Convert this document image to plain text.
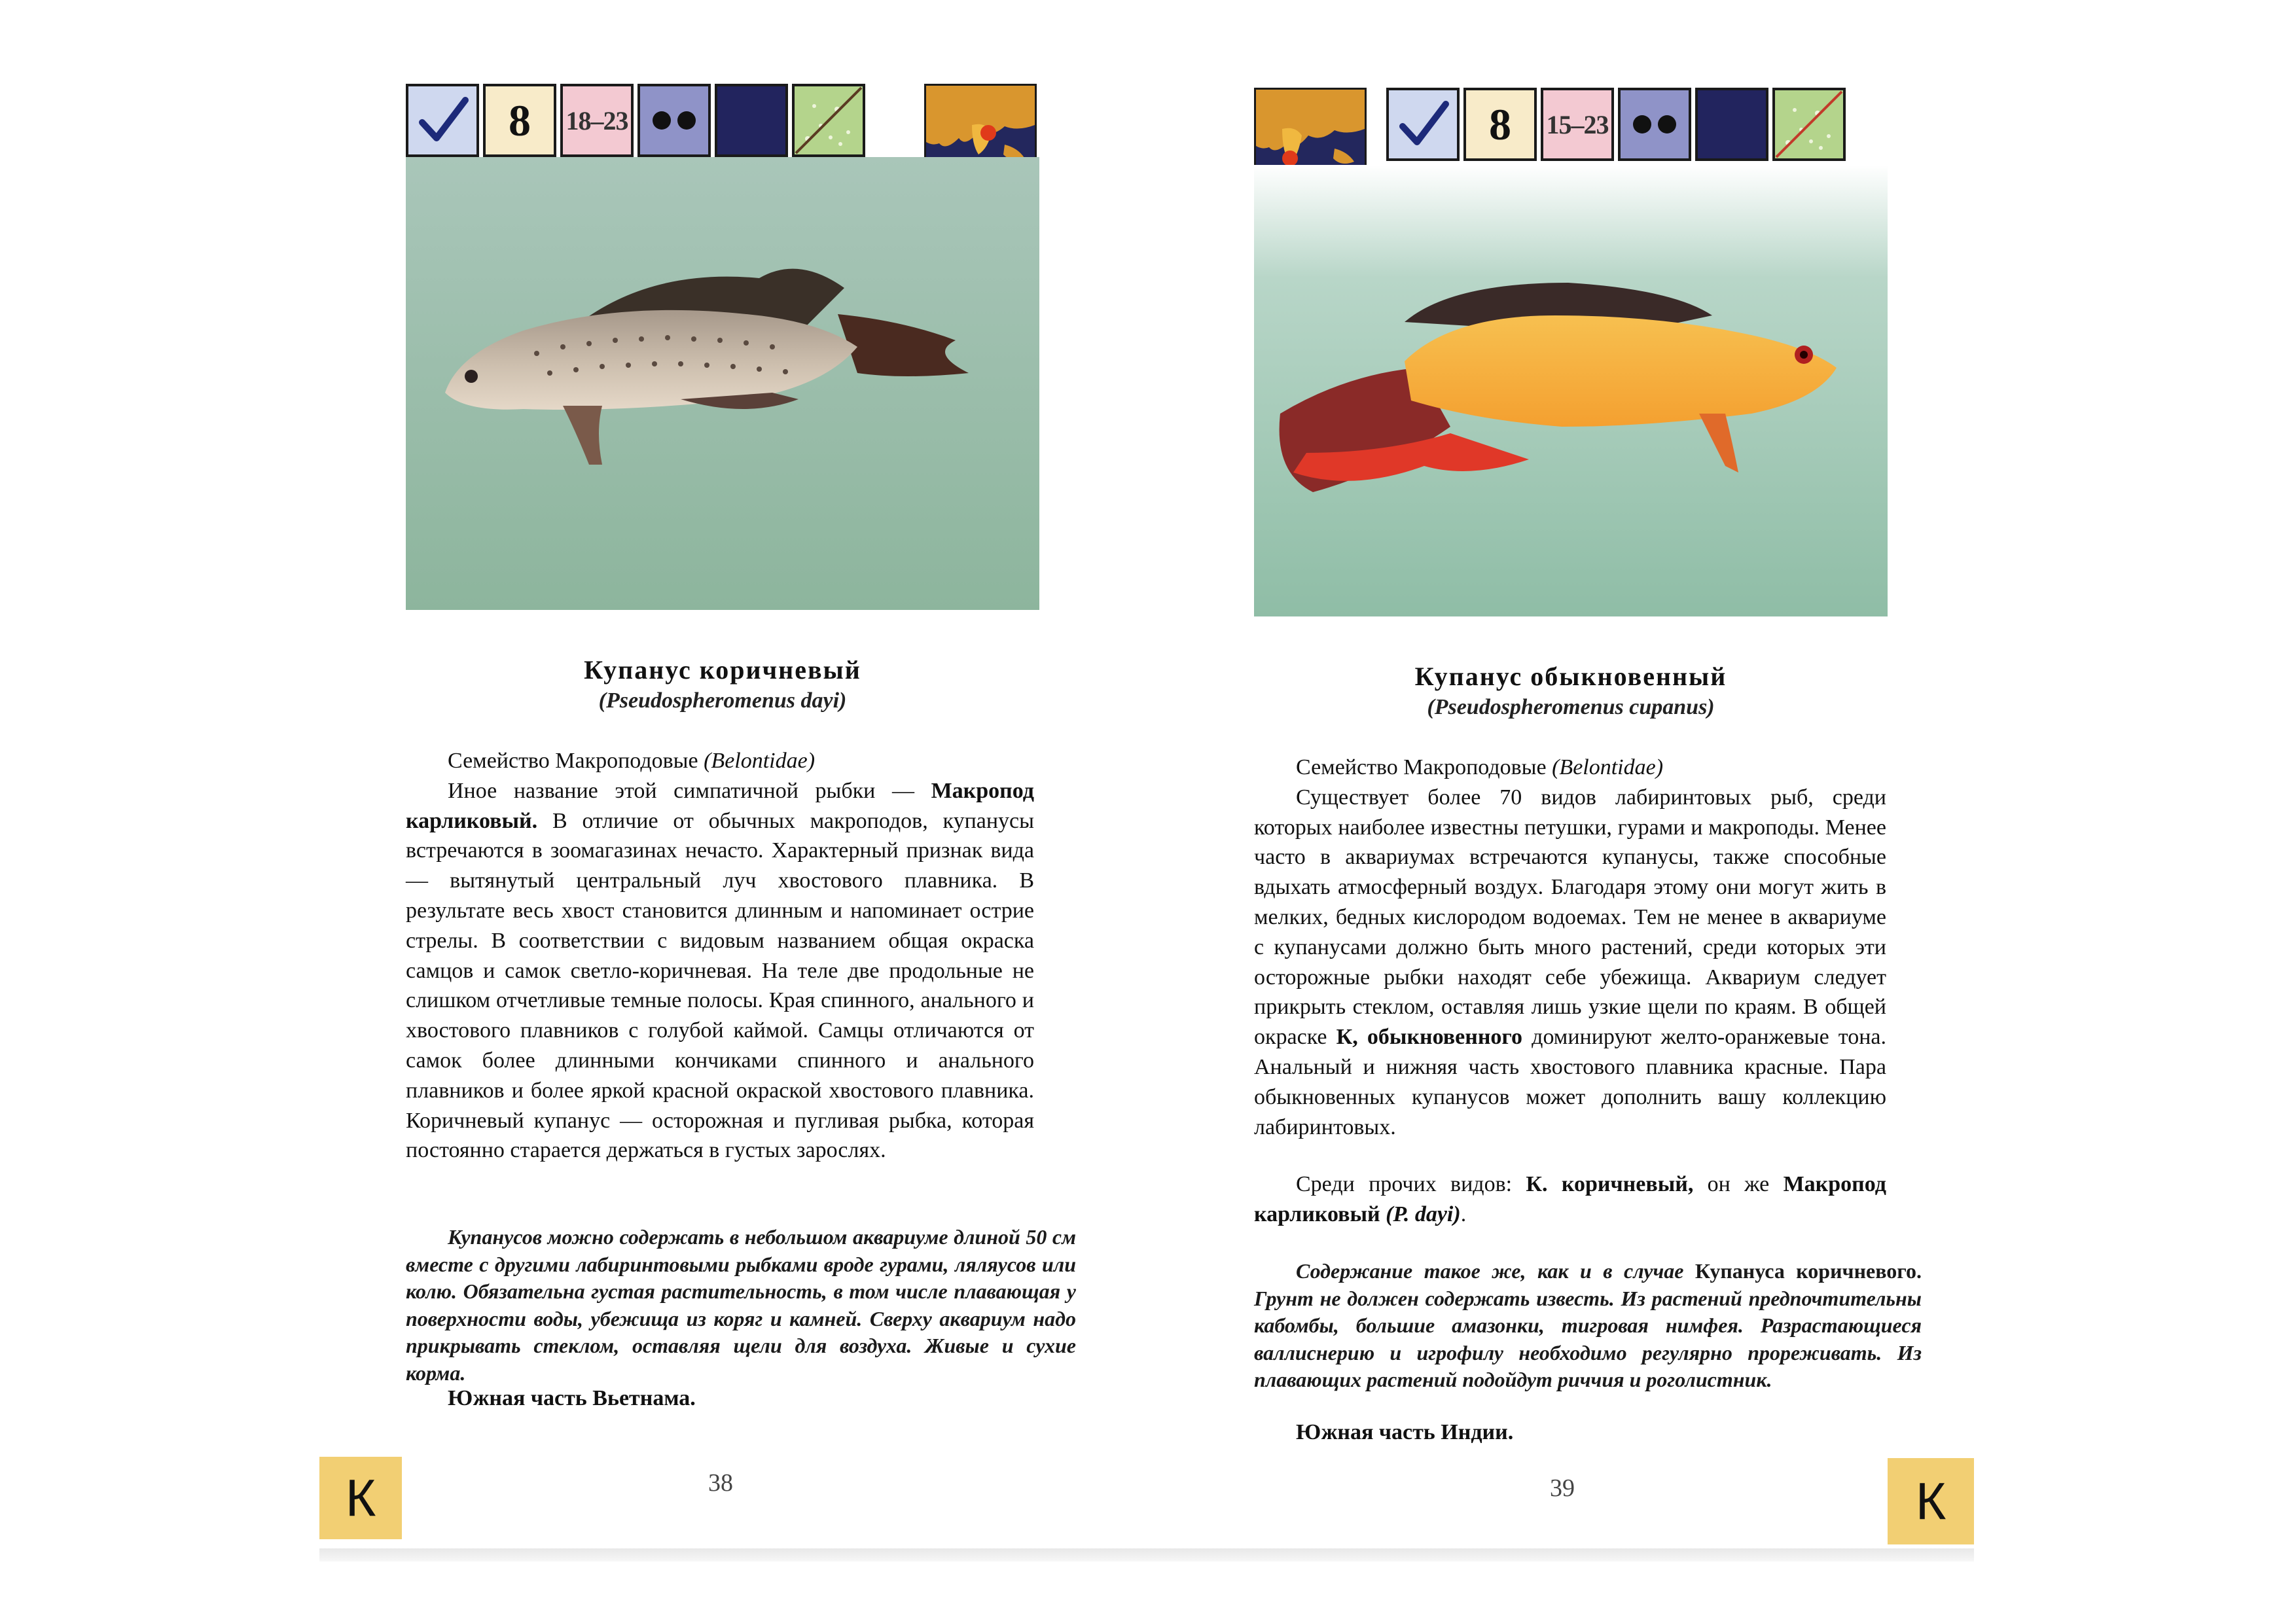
8	18–23
Купанус коричневый
(Pseudospheromenus dayi)

Семейство Макроподовые (Belontidae)

Иное название этой симпатичной рыбки — Макропод карликовый. В отличие от обычных макроподов, купанусы встречаются в зоомагазинах нечасто. Характерный признак вида — вытянутый центральный луч хвостового плавника. В результате весь хвост становится длинным и напоминает острие стрелы. В соответствии с видовым названием общая окраска самцов и самок светло-коричневая. На теле две продольные не слишком отчетливые темные полосы. Края спинного, анального и хвостового плавников с голубой каймой. Самцы отличаются от самок более длинными кончиками спинного и анального плавников и более яркой красной окраской хвостового плавника. Коричневый купанус — осторожная и пугливая рыбка, которая постоянно старается держаться в густых зарослях.

Купанусов можно содержать в небольшом аквариуме длиной 50 см вместе с другими лабиринтовыми рыбками вроде гурами, ляляусов или колю. Обязательна густая растительность, в том числе плавающая у поверхности воды, убежища из коряг и камней. Сверху аквариум надо прикрывать стеклом, оставляя щели для воздуха. Живые и сухие корма.

Южная часть Вьетнама.
К	38
8	15–23
Купанус обыкновенный
(Pseudospheromenus cupanus)

Семейство Макроподовые (Belontidae)

Существует более 70 видов лабиринтовых рыб, среди которых наиболее известны петушки, гурами и макроподы. Менее часто в аквариумах встречаются купанусы, также способные вдыхать атмосферный воздух. Благодаря этому они могут жить в мелких, бедных кислородом водоемах. Тем не менее в аквариуме с купанусами должно быть много растений, среди которых эти осторожные рыбки находят себе убежища. Аквариум следует прикрыть стеклом, оставляя лишь узкие щели по краям. В общей окраске К, обыкновенного доминируют желто-оранжевые тона. Анальный и нижняя часть хвостового плавника красные. Пара обыкновенных купанусов может дополнить вашу коллекцию лабиринтовых.

Среди прочих видов: К. коричневый, он же Макропод карликовый (P. dayi).

Содержание такое же, как и в случае Купануса коричневого. Грунт не должен содержать известь. Из растений предпочтительны кабомбы, большие амазонки, тигровая нимфея. Разрастающиеся валлиснерию и игрофилу необходимо регулярно прореживать. Из плавающих растений подойдут риччия и роголистник.

Южная часть Индии.
39	К
